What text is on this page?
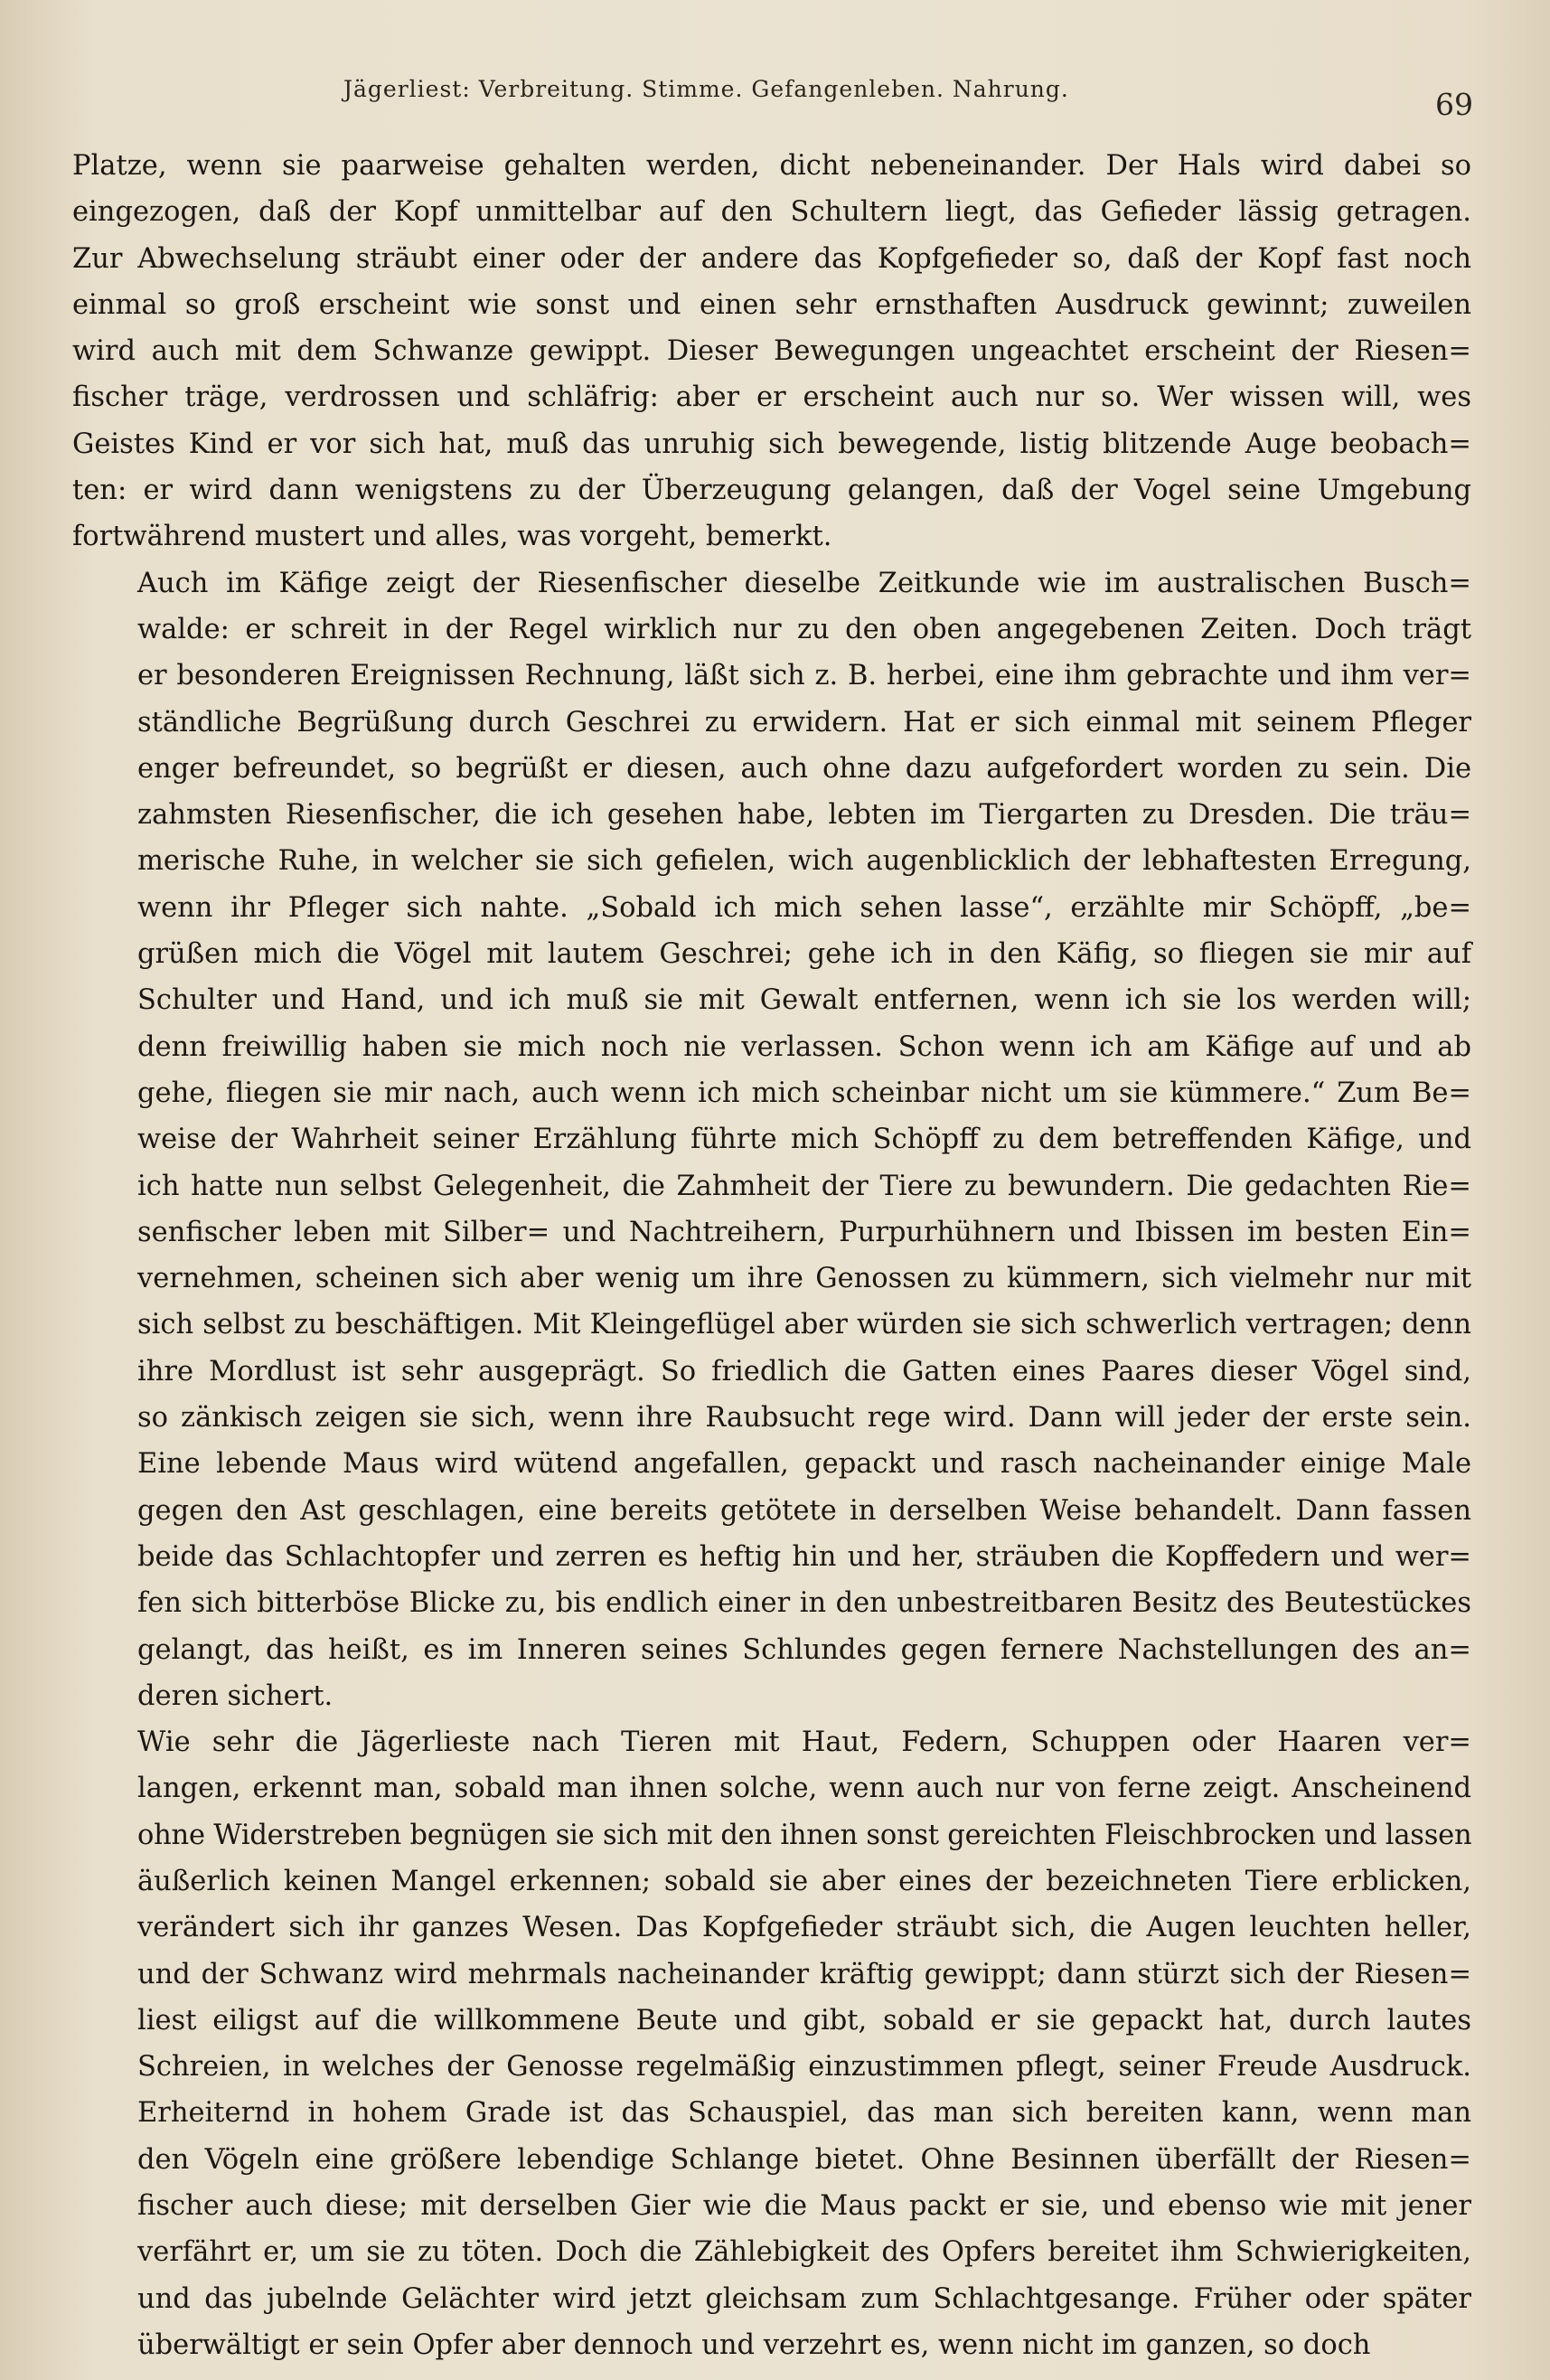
Jägerliest: Verbreitung. Stimme. Gefangenleben. Nahrung.	69

Platze, wenn sie paarweise gehalten werden, dicht nebeneinander. Der Hals wird dabei so
eingezogen, daß der Kopf unmittelbar auf den Schultern liegt, das Gefieder lässig getragen.
Zur Abwechselung sträubt einer oder der andere das Kopfgefieder so, daß der Kopf fast noch
einmal so groß erscheint wie sonst und einen sehr ernsthaften Ausdruck gewinnt; zuweilen
wird auch mit dem Schwanze gewippt. Dieser Bewegungen ungeachtet erscheint der Riesen=
fischer träge, verdrossen und schläfrig: aber er erscheint auch nur so. Wer wissen will, wes
Geistes Kind er vor sich hat, muß das unruhig sich bewegende, listig blitzende Auge beobach=
ten: er wird dann wenigstens zu der Überzeugung gelangen, daß der Vogel seine Umgebung
fortwährend mustert und alles, was vorgeht, bemerkt.

Auch im Käfige zeigt der Riesenfischer dieselbe Zeitkunde wie im australischen Busch=
walde: er schreit in der Regel wirklich nur zu den oben angegebenen Zeiten. Doch trägt
er besonderen Ereignissen Rechnung, läßt sich z. B. herbei, eine ihm gebrachte und ihm ver=
ständliche Begrüßung durch Geschrei zu erwidern. Hat er sich einmal mit seinem Pfleger
enger befreundet, so begrüßt er diesen, auch ohne dazu aufgefordert worden zu sein. Die
zahmsten Riesenfischer, die ich gesehen habe, lebten im Tiergarten zu Dresden. Die träu=
merische Ruhe, in welcher sie sich gefielen, wich augenblicklich der lebhaftesten Erregung,
wenn ihr Pfleger sich nahte. „Sobald ich mich sehen lasse“, erzählte mir Schöpff, „be=
grüßen mich die Vögel mit lautem Geschrei; gehe ich in den Käfig, so fliegen sie mir auf
Schulter und Hand, und ich muß sie mit Gewalt entfernen, wenn ich sie los werden will;
denn freiwillig haben sie mich noch nie verlassen. Schon wenn ich am Käfige auf und ab
gehe, fliegen sie mir nach, auch wenn ich mich scheinbar nicht um sie kümmere.“ Zum Be=
weise der Wahrheit seiner Erzählung führte mich Schöpff zu dem betreffenden Käfige, und
ich hatte nun selbst Gelegenheit, die Zahmheit der Tiere zu bewundern. Die gedachten Rie=
senfischer leben mit Silber= und Nachtreihern, Purpurhühnern und Ibissen im besten Ein=
vernehmen, scheinen sich aber wenig um ihre Genossen zu kümmern, sich vielmehr nur mit
sich selbst zu beschäftigen. Mit Kleingeflügel aber würden sie sich schwerlich vertragen; denn
ihre Mordlust ist sehr ausgeprägt. So friedlich die Gatten eines Paares dieser Vögel sind,
so zänkisch zeigen sie sich, wenn ihre Raubsucht rege wird. Dann will jeder der erste sein.
Eine lebende Maus wird wütend angefallen, gepackt und rasch nacheinander einige Male
gegen den Ast geschlagen, eine bereits getötete in derselben Weise behandelt. Dann fassen
beide das Schlachtopfer und zerren es heftig hin und her, sträuben die Kopffedern und wer=
fen sich bitterböse Blicke zu, bis endlich einer in den unbestreitbaren Besitz des Beutestückes
gelangt, das heißt, es im Inneren seines Schlundes gegen fernere Nachstellungen des an=
deren sichert.

Wie sehr die Jägerlieste nach Tieren mit Haut, Federn, Schuppen oder Haaren ver=
langen, erkennt man, sobald man ihnen solche, wenn auch nur von ferne zeigt. Anscheinend
ohne Widerstreben begnügen sie sich mit den ihnen sonst gereichten Fleischbrocken und lassen
äußerlich keinen Mangel erkennen; sobald sie aber eines der bezeichneten Tiere erblicken,
verändert sich ihr ganzes Wesen. Das Kopfgefieder sträubt sich, die Augen leuchten heller,
und der Schwanz wird mehrmals nacheinander kräftig gewippt; dann stürzt sich der Riesen=
liest eiligst auf die willkommene Beute und gibt, sobald er sie gepackt hat, durch lautes
Schreien, in welches der Genosse regelmäßig einzustimmen pflegt, seiner Freude Ausdruck.
Erheiternd in hohem Grade ist das Schauspiel, das man sich bereiten kann, wenn man
den Vögeln eine größere lebendige Schlange bietet. Ohne Besinnen überfällt der Riesen=
fischer auch diese; mit derselben Gier wie die Maus packt er sie, und ebenso wie mit jener
verfährt er, um sie zu töten. Doch die Zählebigkeit des Opfers bereitet ihm Schwierigkeiten,
und das jubelnde Gelächter wird jetzt gleichsam zum Schlachtgesange. Früher oder später
überwältigt er sein Opfer aber dennoch und verzehrt es, wenn nicht im ganzen, so doch
